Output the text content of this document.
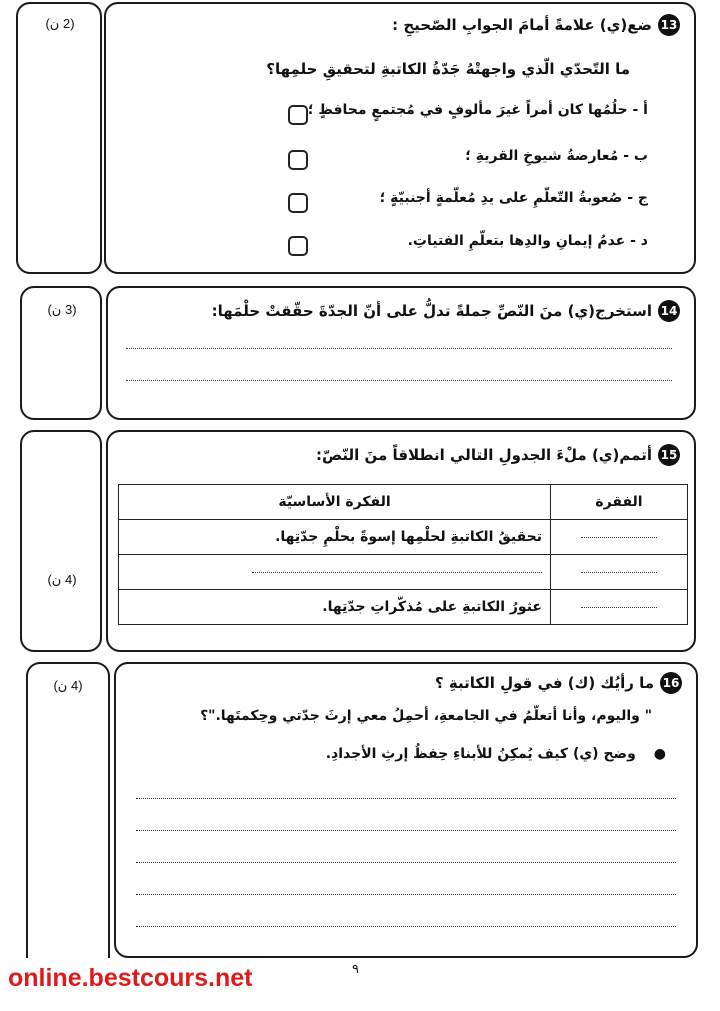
(2 ن)	13
ضع(ي) علامةً أمامَ الجوابِ الصّحيحِ :
ما التّحدّي الّذي واجهتْهُ جَدّةُ الكاتبةِ لتحقيقِ حلمِها؟
أ - حلُمُها كان أمراً غيرَ مألوفٍ في مُجتمعٍ محافظٍ ؛
ب - مُعارضةُ شيوخِ القريةِ ؛
ج - صُعوبةُ التّعلّمِ على يدِ مُعلّمةٍ أجنبيّةٍ ؛
د - عدمُ إيمانِ والدِها بتعلّمِ الفتياتِ.
(3 ن)	14
استخرج(ي) منَ النّصِّ جملةً تدلُّ على أنّ الجدّةَ حقّقتْ حلْمَها:
(4 ن)
15
أتمم(ي) ملْءَ الجدولِ التالي انطلاقاً منَ النّصّ:
الفقرة	الفكرة الأساسيّة
	تحقيقُ الكاتبةِ لحلْمِها إسوةً بحلْمِ جدّتِها.

	عثورُ الكاتبةِ على مُذكّراتِ جدّتِها.
(4 ن)	16
ما رأيُك (ك) في قولِ الكاتبةِ ؟
" واليوم، وأنا أتعلّمُ في الجامعةِ، أحمِلُ معي إرثَ جدّتي وحِكمتَها."؟
●وضح (ي) كيف يُمكِنُ للأبناءِ حِفظُ إرثِ الأجدادِ.
٩
online.bestcours.net
